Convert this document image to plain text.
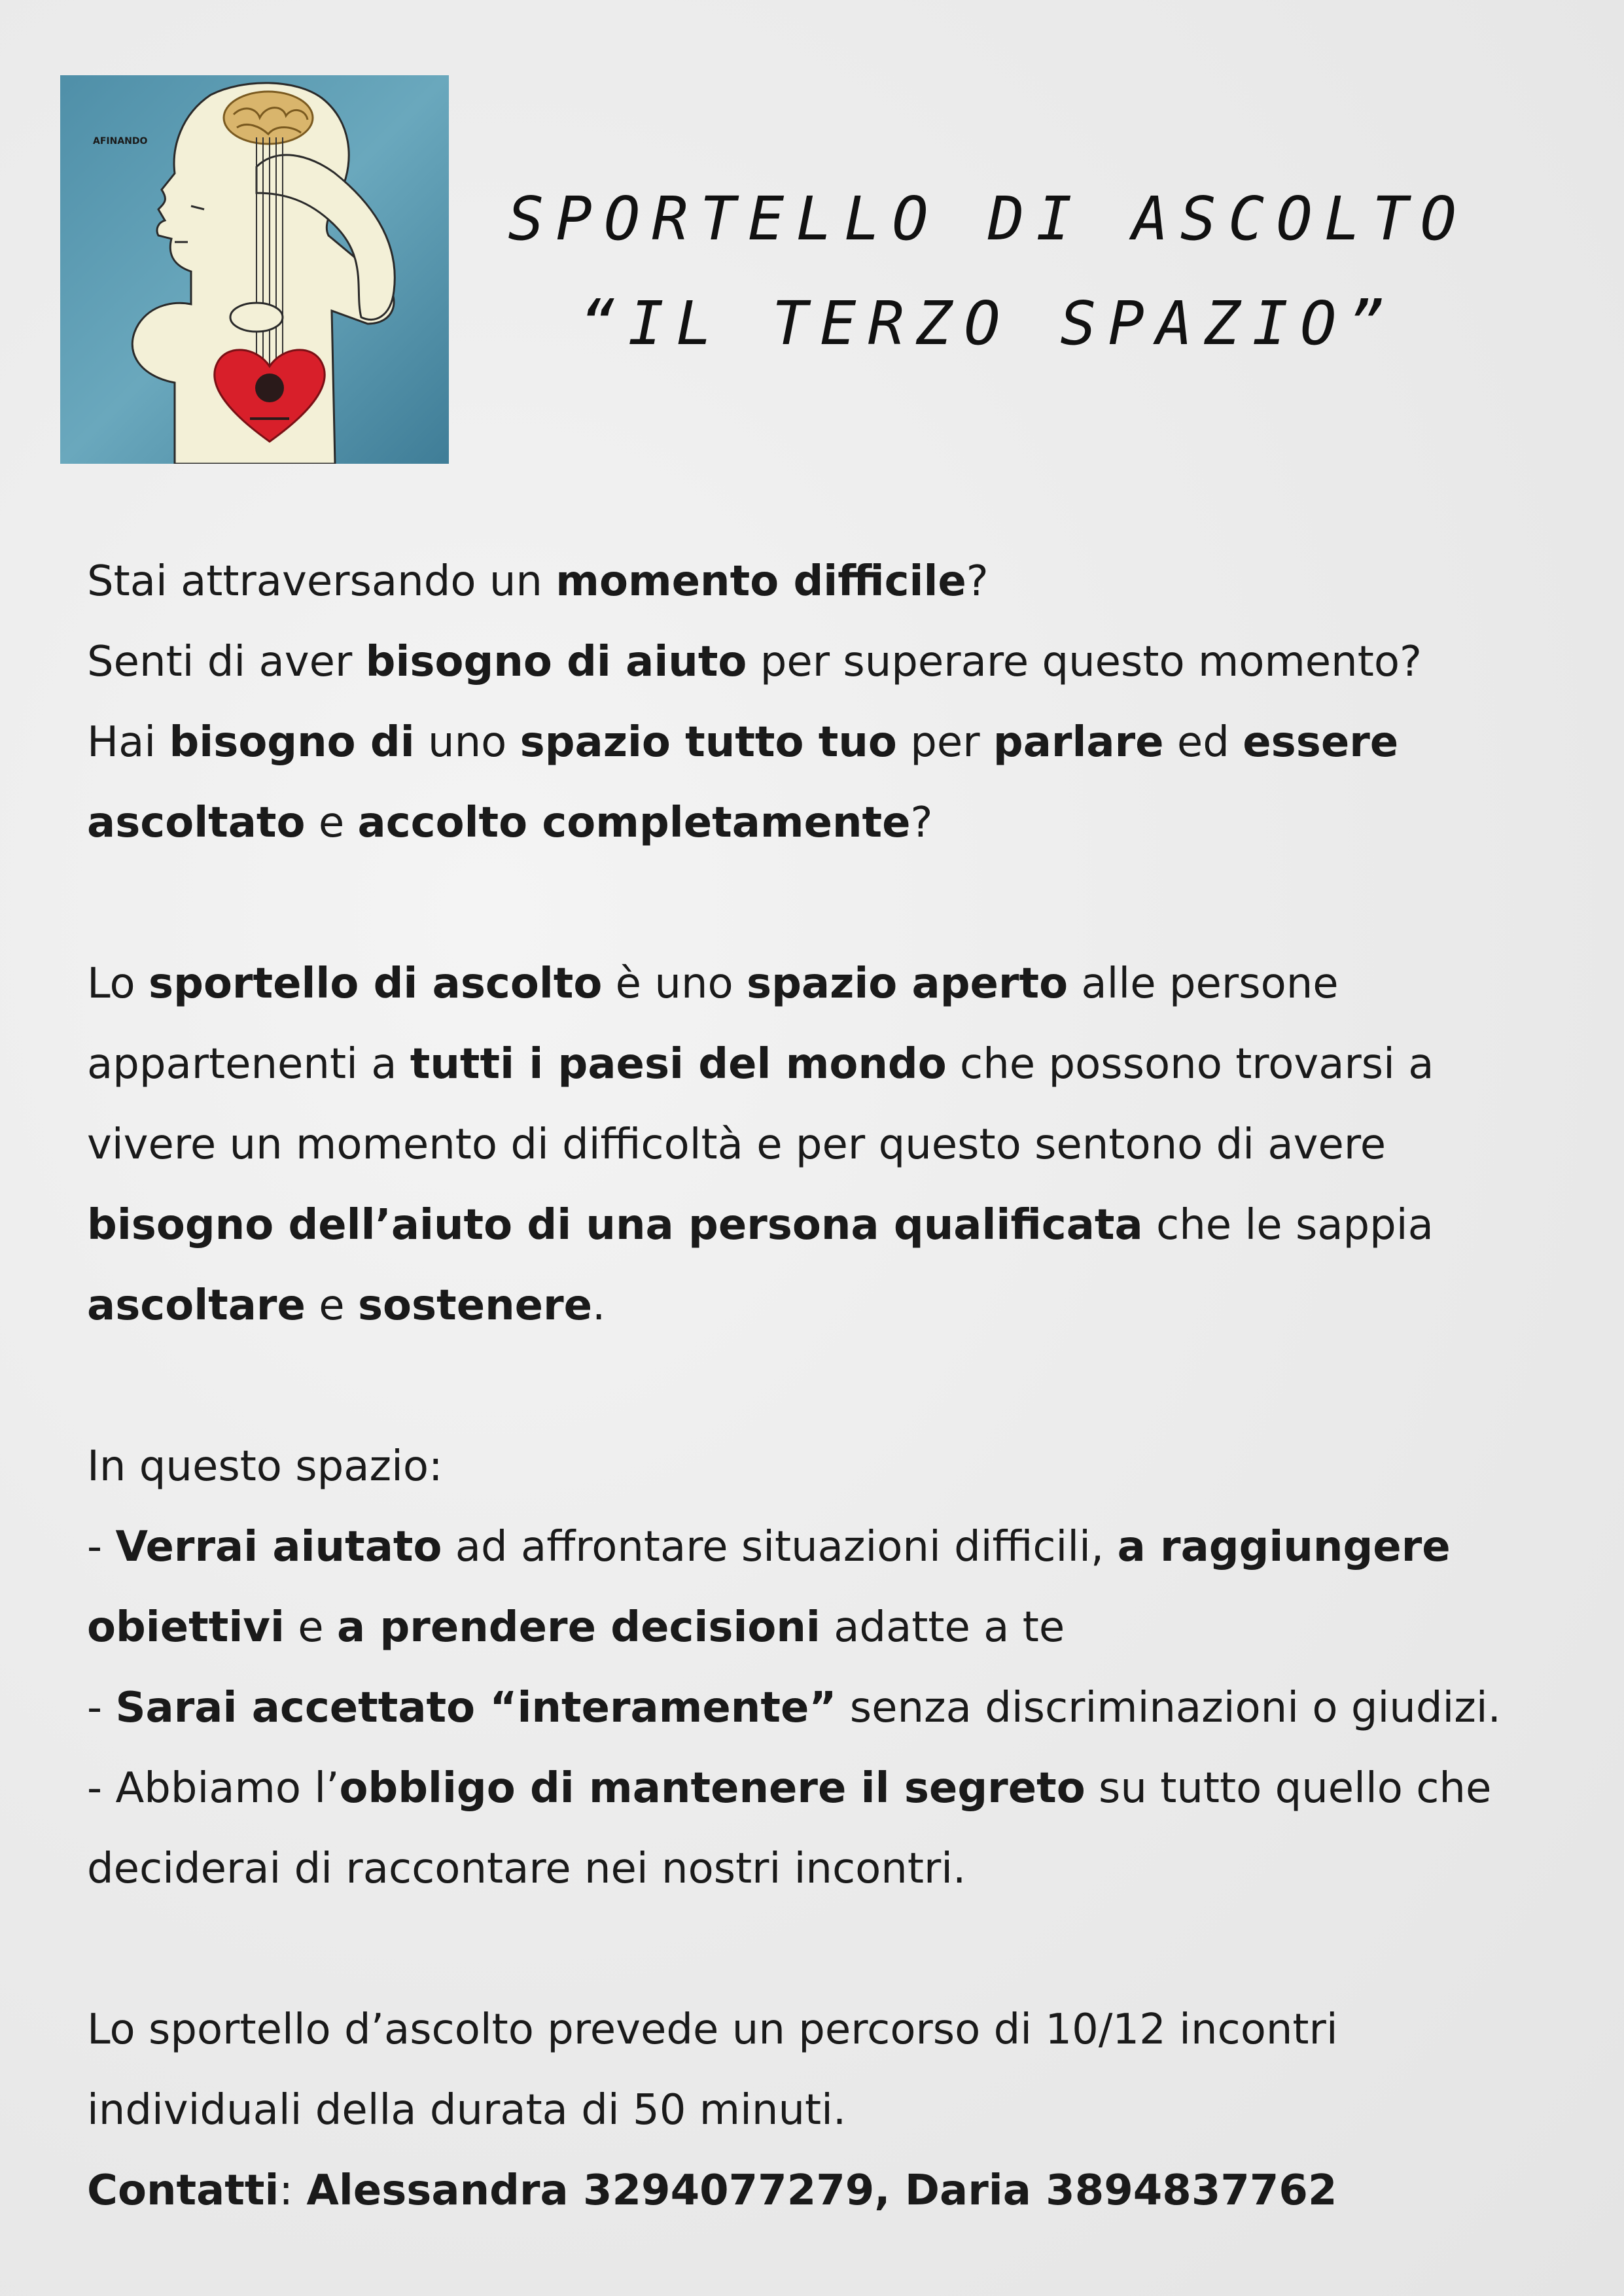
AFINANDO
SPORTELLO DI ASCOLTO
“IL TERZO SPAZIO”

Stai attraversando un momento difficile?

Senti di aver bisogno di aiuto per superare questo momento?

Hai bisogno di uno spazio tutto tuo per parlare ed essere

ascoltato e accolto completamente?

Lo sportello di ascolto è uno spazio aperto alle persone

appartenenti a tutti i paesi del mondo che possono trovarsi a

vivere un momento di difficoltà e per questo sentono di avere

bisogno dell’aiuto di una persona qualificata che le sappia

ascoltare e sostenere.

In questo spazio:

- Verrai aiutato ad affrontare situazioni difficili, a raggiungere

obiettivi e a prendere decisioni adatte a te

- Sarai accettato “interamente” senza discriminazioni o giudizi.

- Abbiamo l’obbligo di mantenere il segreto su tutto quello che

deciderai di raccontare nei nostri incontri.

Lo sportello d’ascolto prevede un percorso di 10/12 incontri

individuali della durata di 50 minuti.

Contatti: Alessandra 3294077279, Daria 3894837762
